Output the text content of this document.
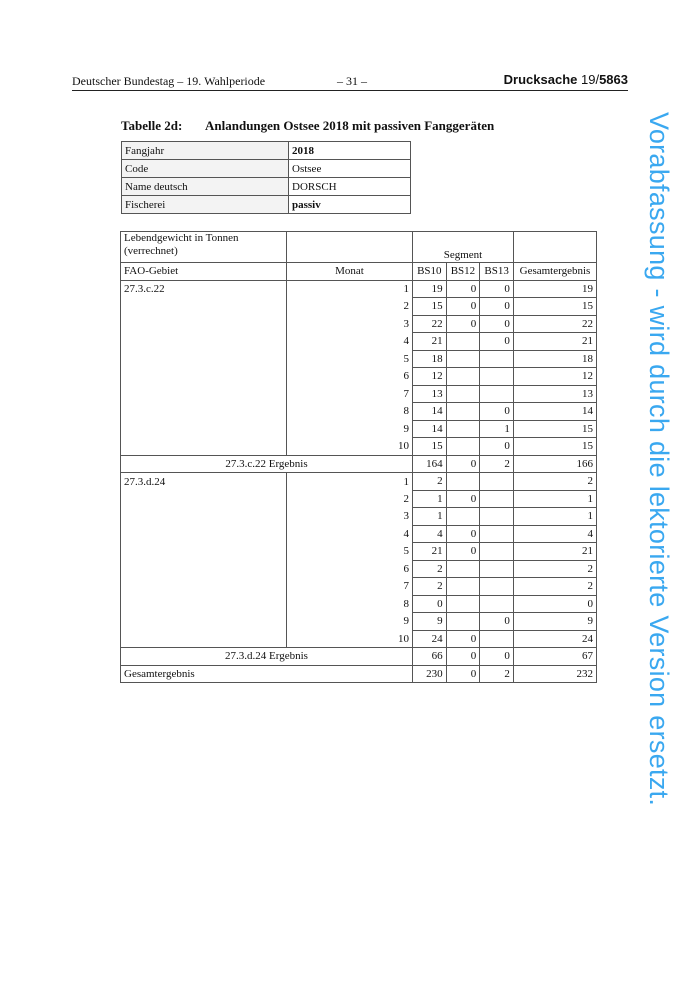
Deutscher Bundestag – 19. Wahlperiode	– 31 –	Drucksache 19/5863
Tabelle 2d: Anlandungen Ostsee 2018 mit passiven Fanggeräten
Fangjahr	2018
Code	Ostsee
Name deutsch	DORSCH
Fischerei	passiv
Lebendgewicht in Tonnen
(verrechnet)		Segment			
FAO-Gebiet	Monat	BS10	BS12	BS13	Gesamtergebnis
27.3.c.22	1	19	0	0	19
	2	15	0	0	15
	3	22	0	0	22
	4	21		0	21
	5	18			18
	6	12			12
	7	13			13
	8	14		0	14
	9	14		1	15
	10	15		0	15
27.3.c.22 Ergebnis		164	0	2	166
27.3.d.24	1	2			2
	2	1	0		1
	3	1			1
	4	4	0		4
	5	21	0		21
	6	2			2
	7	2			2
	8	0			0
	9	9		0	9
	10	24	0		24
27.3.d.24 Ergebnis		66	0	0	67
Gesamtergebnis		230	0	2	232 Vorabfassung - wird durch die lektorierte Version ersetzt.
